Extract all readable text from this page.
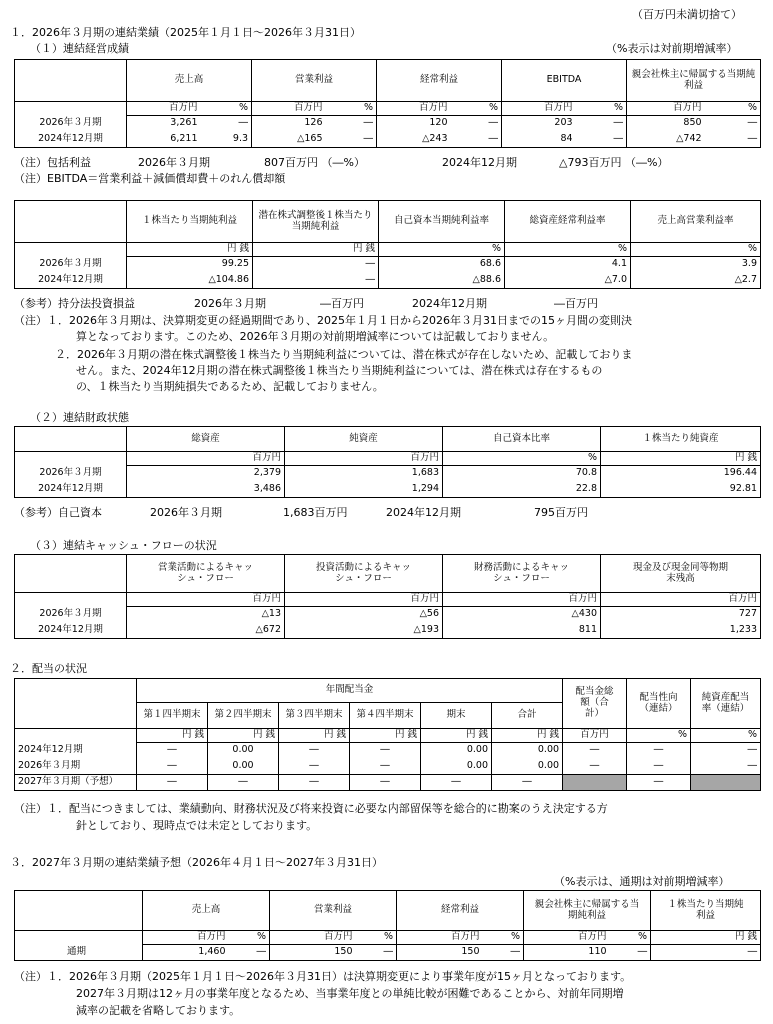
（百万円未満切捨て）
１．2026年３月期の連結業績（2025年１月１日～2026年３月31日）
（１）連結経営成績	（%表示は対前期増減率）
	売上高		営業利益		経常利益		EBITDA		親会社株主に帰属する当期純利益	
	百万円	%	百万円	%	百万円	%	百万円	%	百万円	%
2026年３月期	3,261	―	126	―	120	―	203	―	850	―
2024年12月期	6,211	9.3	△165	―	△243	―	84	―	△742	―
（注）包括利益	2026年３月期	807百万円 （―%）	2024年12月期	△793百万円 （―%）
（注）EBITDA＝営業利益＋減価償却費＋のれん償却額
	１株当たり当期純利益	潜在株式調整後１株当たり当期純利益	自己資本当期純利益率	総資産経常利益率	売上高営業利益率
	円 銭	円 銭	%	%	%
2026年３月期	99.25	―	68.6	4.1	3.9
2024年12月期	△104.86	―	△88.6	△7.0	△2.7
（参考）持分法投資損益	2026年３月期	―百万円	2024年12月期	―百万円
（注）１．2026年３月期は、決算期変更の経過期間であり、2025年１月１日から2026年３月31日までの15ヶ月間の変則決
算となっております。このため、2026年３月期の対前期増減率については記載しておりません。
２．2026年３月期の潜在株式調整後１株当たり当期純利益については、潜在株式が存在しないため、記載しておりま
せん。また、2024年12月期の潜在株式調整後１株当たり当期純利益については、潜在株式は存在するもの
の、１株当たり当期純損失であるため、記載しておりません。
（２）連結財政状態
	総資産	純資産	自己資本比率	１株当たり純資産
	百万円	百万円	%	円 銭
2026年３月期	2,379	1,683	70.8	196.44
2024年12月期	3,486	1,294	22.8	92.81
（参考）自己資本	2026年３月期	1,683百万円	2024年12月期	795百万円
（３）連結キャッシュ・フローの状況
	営業活動によるキャッシュ・フロー	投資活動によるキャッシュ・フロー	財務活動によるキャッシュ・フロー	現金及び現金同等物期末残高
	百万円	百万円	百万円	百万円
2026年３月期	△13	△56	△430	727
2024年12月期	△672	△193	811	1,233
２．配当の状況
	年間配当金						配当金総額（合計）	配当性向（連結）	純資産配当率（連結）
	第１四半期末	第２四半期末	第３四半期末	第４四半期末	期末	合計			
	円 銭	円 銭	円 銭	円 銭	円 銭	円 銭	百万円	%	%
2024年12月期	―	0.00	―	―	0.00	0.00	―	―	―
2026年３月期	―	0.00	―	―	0.00	0.00	―	―	―
2027年３月期（予想）	―	―	―	―	―	―		―	
（注）１．配当につきましては、業績動向、財務状況及び将来投資に必要な内部留保等を総合的に勘案のうえ決定する方
針としており、現時点では未定としております。
３．2027年３月期の連結業績予想（2026年４月１日～2027年３月31日）
（%表示は、通期は対前期増減率）
	売上高		営業利益		経常利益		親会社株主に帰属する当期純利益		１株当たり当期純利益
	百万円	%	百万円	%	百万円	%	百万円	%	円 銭
通期	1,460	―	150	―	150	―	110	―	―
（注）１．2026年３月期（2025年１月１日～2026年３月31日）は決算期変更により事業年度が15ヶ月となっております。
2027年３月期は12ヶ月の事業年度となるため、当事業年度との単純比較が困難であることから、対前年同期増
減率の記載を省略しております。
